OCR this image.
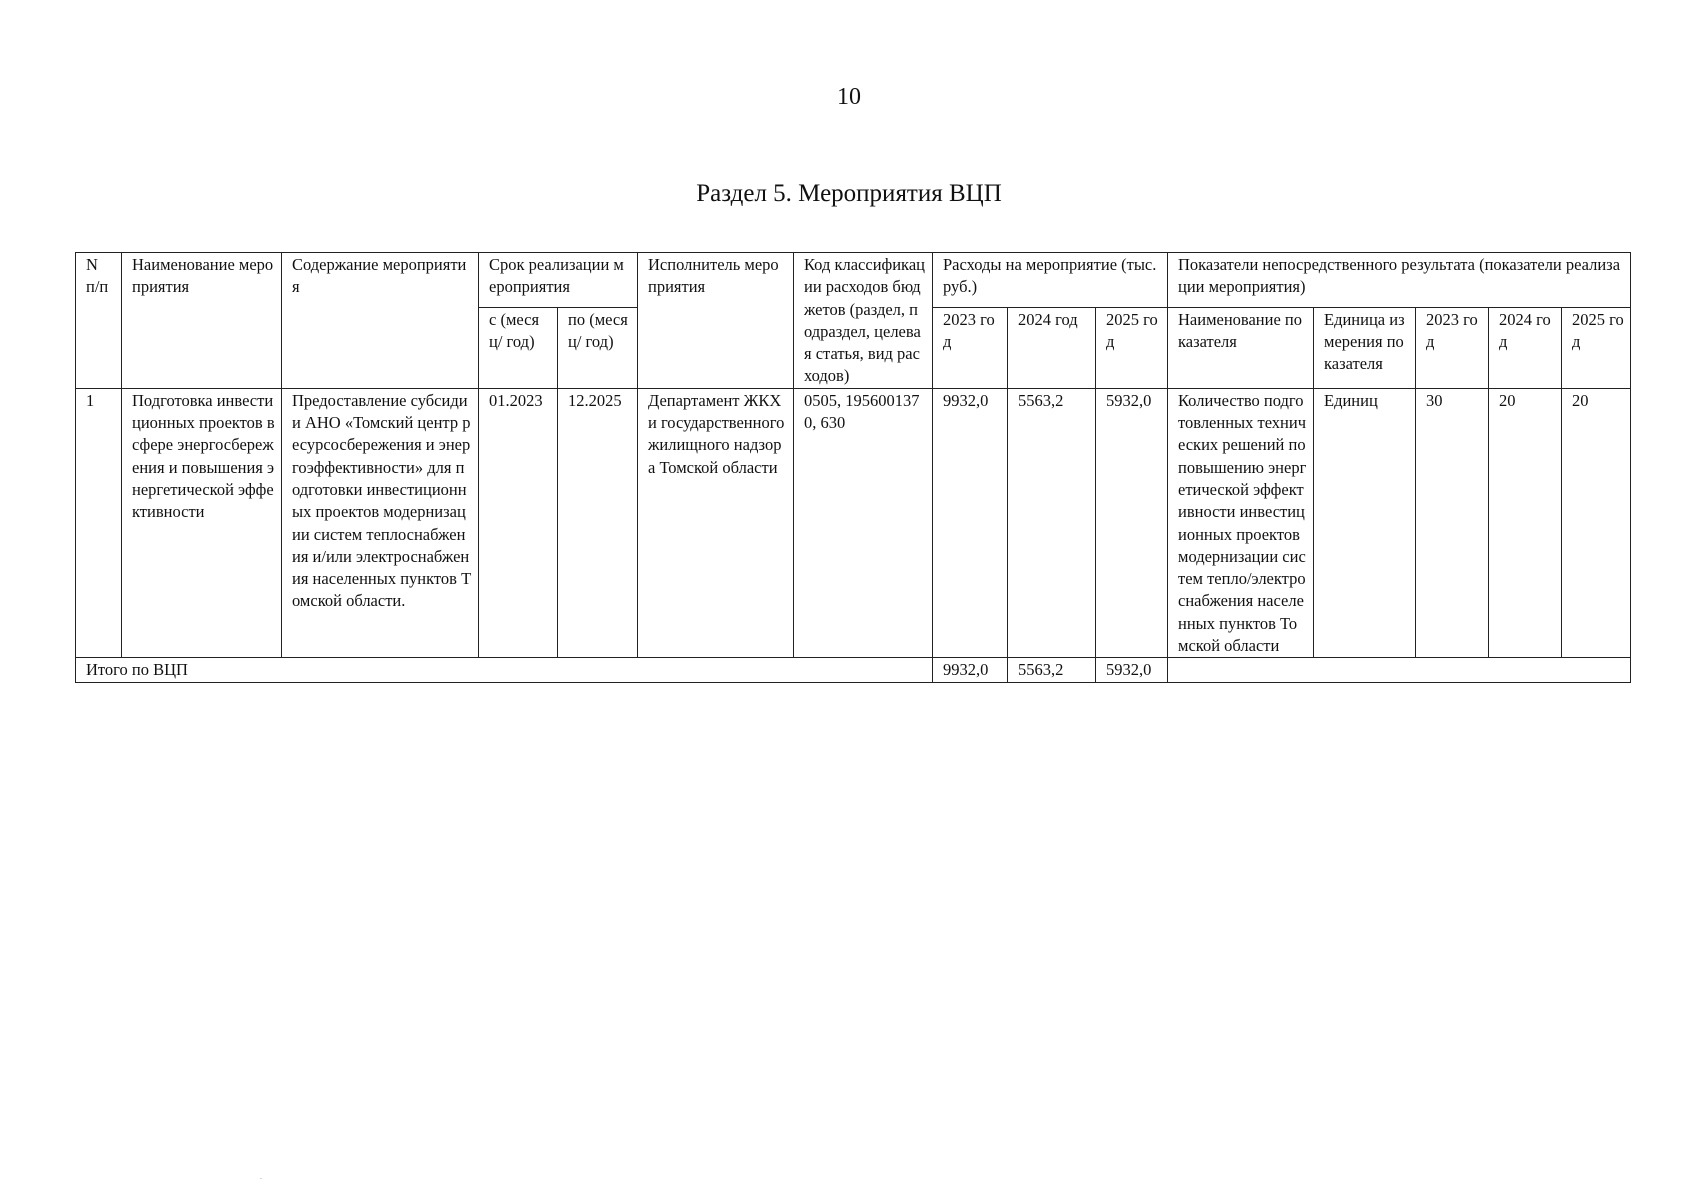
10
Раздел 5. Мероприятия ВЦП
N п/п	Наименование мероприятия	Содержание мероприятия	Срок реализации мероприятия		Исполнитель мероприятия	Код классификации расходов бюджетов (раздел, подраздел, целевая статья, вид расходов)	Расходы на мероприятие (тыс. руб.)			Показатели непосредственного результата (показатели реализации мероприятия)				
			с (месяц/ год)	по (месяц/ год)			2023 год	2024 год	2025 год	Наименование показателя	Единица измерения показателя	2023 год	2024 год	2025 год
1	Подготовка инвестиционных проектов в сфере энергосбережения и повышения энергетической эффективности	Предоставление субсидии АНО «Томский центр ресурсосбережения и энергоэффективности» для подготовки инвестиционных проектов модернизации систем теплоснабжения и/или электроснабжения населенных пунктов Томской области.	01.2023	12.2025	Департамент ЖКХ и государственного жилищного надзора Томской области	0505, 1956001370, 630	9932,0	5563,2	5932,0	Количество подготовленных технических решений по повышению энергетической эффективности инвестиционных проектов модернизации систем тепло/электроснабжения населенных пунктов Томской области	Единиц	30	20	20
Итого по ВЦП							9932,0	5563,2	5932,0					
.
